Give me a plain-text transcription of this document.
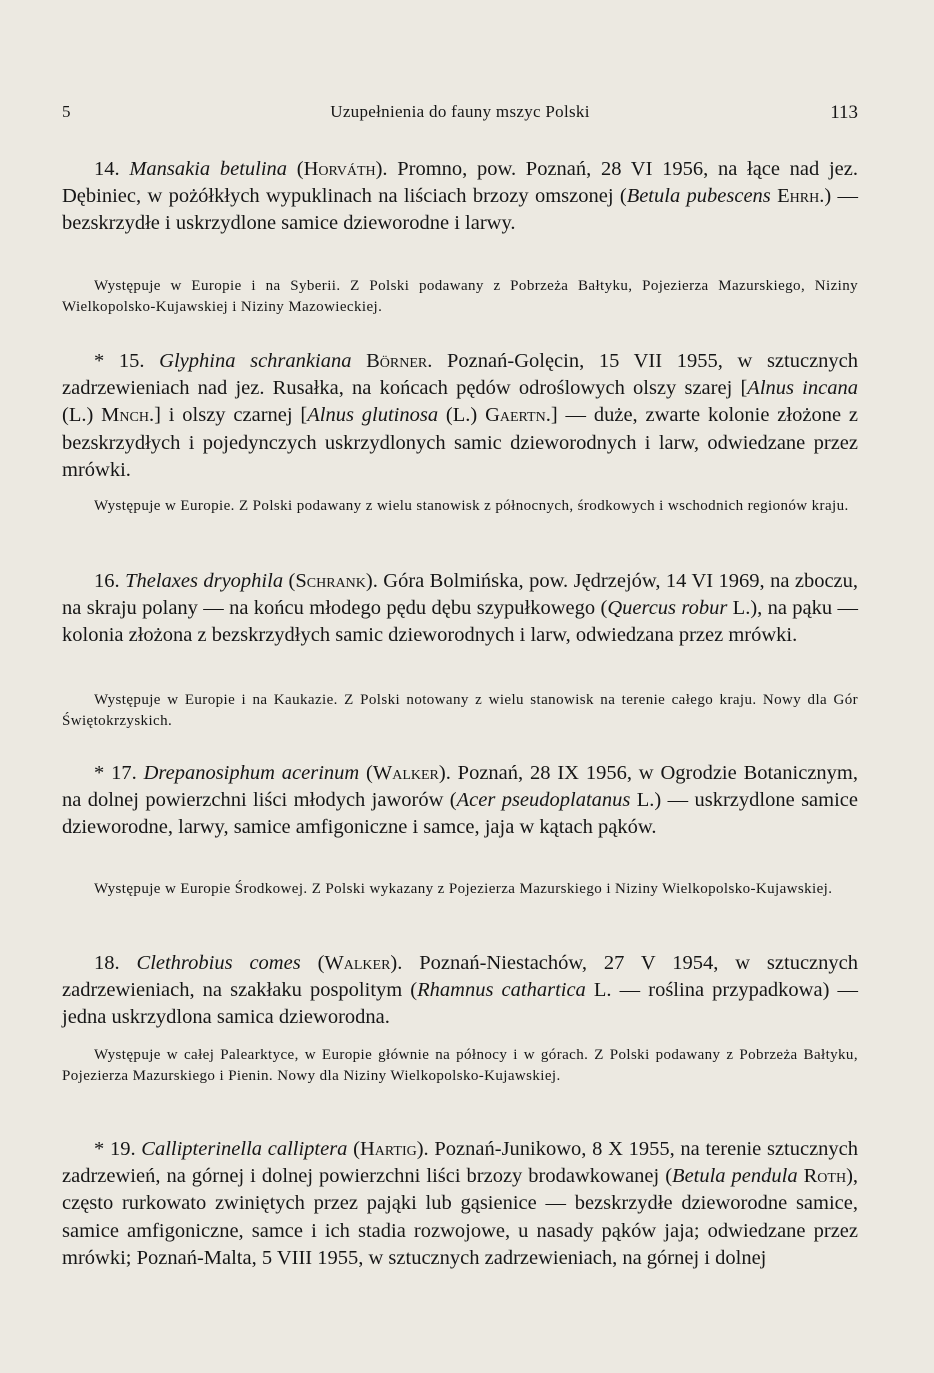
5	Uzupełnienia do fauny mszyc Polski	113

14. Mansakia betulina (Horváth). Promno, pow. Poznań, 28 VI 1956, na łące nad jez. Dębiniec, w pożółkłych wypuklinach na liściach brzozy omszonej (Betula pubescens Ehrh.) — bezskrzydłe i uskrzydlone samice dzieworodne i larwy.

Występuje w Europie i na Syberii. Z Polski podawany z Pobrzeża Bałtyku, Pojezierza Mazurskiego, Niziny Wielkopolsko-Kujawskiej i Niziny Mazowieckiej.

* 15. Glyphina schrankiana Börner. Poznań-Golęcin, 15 VII 1955, w sztucznych zadrzewieniach nad jez. Rusałka, na końcach pędów odroślowych olszy szarej [Alnus incana (L.) Mnch.] i olszy czarnej [Alnus glutinosa (L.) Gaertn.] — duże, zwarte kolonie złożone z bezskrzydłych i pojedynczych uskrzydlonych samic dzieworodnych i larw, odwiedzane przez mrówki.

Występuje w Europie. Z Polski podawany z wielu stanowisk z północnych, środkowych i wschodnich regionów kraju.

16. Thelaxes dryophila (Schrank). Góra Bolmińska, pow. Jędrzejów, 14 VI 1969, na zboczu, na skraju polany — na końcu młodego pędu dębu szypułkowego (Quercus robur L.), na pąku — kolonia złożona z bezskrzydłych samic dzieworodnych i larw, odwiedzana przez mrówki.

Występuje w Europie i na Kaukazie. Z Polski notowany z wielu stanowisk na terenie całego kraju. Nowy dla Gór Świętokrzyskich.

* 17. Drepanosiphum acerinum (Walker). Poznań, 28 IX 1956, w Ogrodzie Botanicznym, na dolnej powierzchni liści młodych jaworów (Acer pseudoplatanus L.) — uskrzydlone samice dzieworodne, larwy, samice amfigoniczne i samce, jaja w kątach pąków.

Występuje w Europie Środkowej. Z Polski wykazany z Pojezierza Mazurskiego i Niziny Wielkopolsko-Kujawskiej.

18. Clethrobius comes (Walker). Poznań-Niestachów, 27 V 1954, w sztucznych zadrzewieniach, na szakłaku pospolitym (Rhamnus cathartica L. — roślina przypadkowa) — jedna uskrzydlona samica dzieworodna.

Występuje w całej Palearktyce, w Europie głównie na północy i w górach. Z Polski podawany z Pobrzeża Bałtyku, Pojezierza Mazurskiego i Pienin. Nowy dla Niziny Wielkopolsko-Kujawskiej.

* 19. Callipterinella calliptera (Hartig). Poznań-Junikowo, 8 X 1955, na terenie sztucznych zadrzewień, na górnej i dolnej powierzchni liści brzozy brodawkowanej (Betula pendula Roth), często rurkowato zwiniętych przez pająki lub gąsienice — bezskrzydłe dzieworodne samice, samice amfigoniczne, samce i ich stadia rozwojowe, u nasady pąków jaja; odwiedzane przez mrówki; Poznań-Malta, 5 VIII 1955, w sztucznych zadrzewieniach, na górnej i dolnej
